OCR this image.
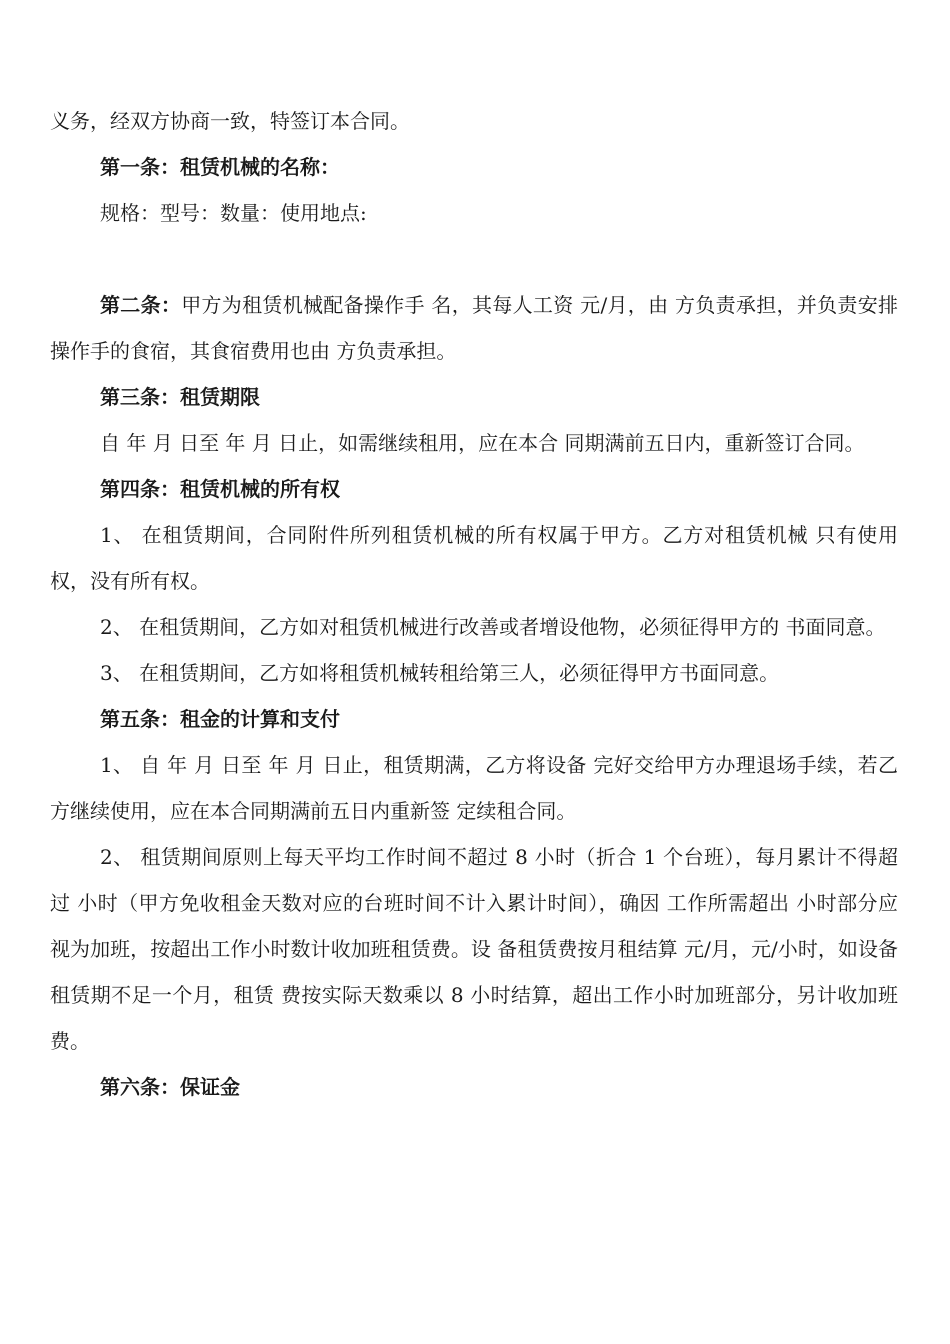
义务，经双方协商一致，特签订本合同。

第一条：租赁机械的名称：

规格：型号：数量：使用地点:

第二条：甲方为租赁机械配备操作手 名，其每人工资 元/月，由 方负责承担，并负责安排操作手的食宿，其食宿费用也由 方负责承担。

第三条：租赁期限

自 年 月 日至 年 月 日止，如需继续租用，应在本合 同期满前五日内，重新签订合同。

第四条：租赁机械的所有权

1、 在租赁期间，合同附件所列租赁机械的所有权属于甲方。乙方对租赁机械 只有使用权，没有所有权。

2、 在租赁期间，乙方如对租赁机械进行改善或者增设他物，必须征得甲方的 书面同意。

3、 在租赁期间，乙方如将租赁机械转租给第三人，必须征得甲方书面同意。

第五条：租金的计算和支付

1、 自 年 月 日至 年 月 日止，租赁期满，乙方将设备 完好交给甲方办理退场手续，若乙方继续使用，应在本合同期满前五日内重新签 定续租合同。

2、 租赁期间原则上每天平均工作时间不超过 8 小时（折合 1 个台班），每月累计不得超过 小时（甲方免收租金天数对应的台班时间不计入累计时间），确因 工作所需超出 小时部分应视为加班，按超出工作小时数计收加班租赁费。设 备租赁费按月租结算 元/月，元/小时，如设备租赁期不足一个月，租赁 费按实际天数乘以 8 小时结算，超出工作小时加班部分，另计收加班费。

第六条：保证金
